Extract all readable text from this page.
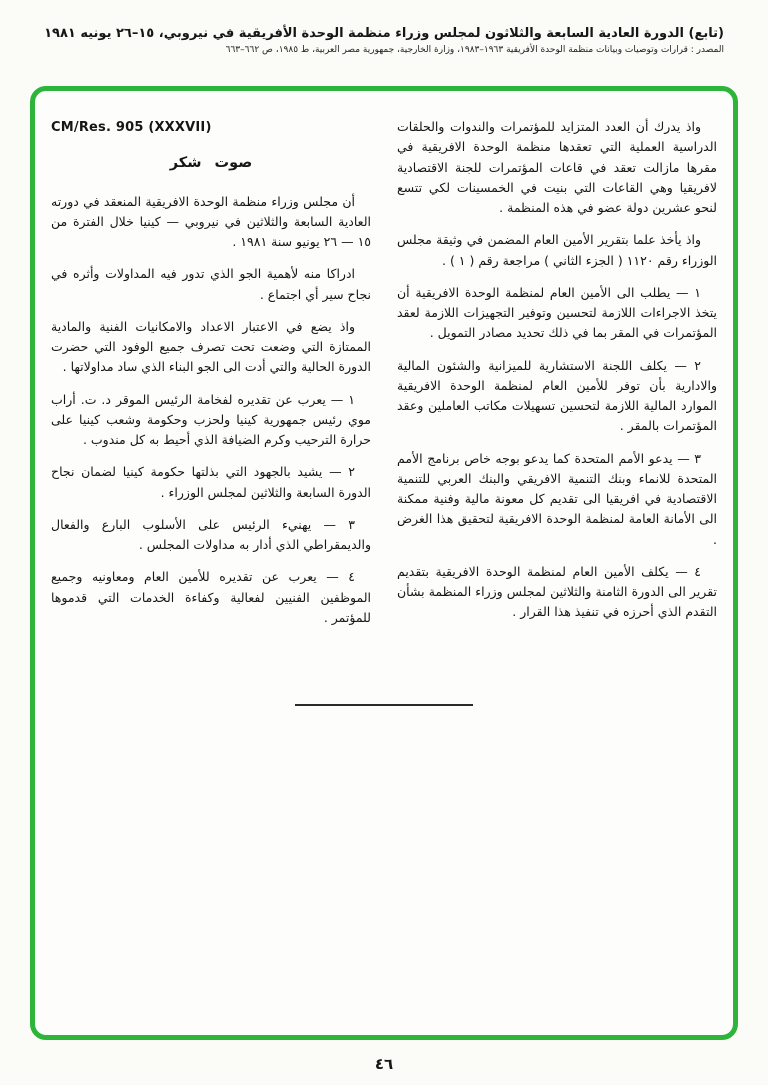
(تابع) الدورة العادية السابعة والثلاثون لمجلس وزراء منظمة الوحدة الأفريقية في نيروبي، ١٥–٢٦ يونيه ١٩٨١
المصدر : قرارات وتوصيات وبيانات منظمة الوحدة الأفريقية ١٩٦٣–١٩٨٣، وزارة الخارجية، جمهورية مصر العربية، ط ١٩٨٥، ص ٦٦٢–٦٦٣

واذ يدرك أن العدد المتزايد للمؤتمرات والندوات والحلقات الدراسية العملية التي تعقدها منظمة الوحدة الافريقية في مقرها مازالت تعقد في قاعات المؤتمرات للجنة الاقتصادية لافريقيا وهي القاعات التي بنيت في الخمسينات لكي تتسع لنحو عشرين دولة عضو في هذه المنظمة .

واذ يأخذ علما بتقرير الأمين العام المضمن في وثيقة مجلس الوزراء رقم ١١٢٠ ( الجزء الثاني ) مراجعة رقم ( ١ ) .

١ — يطلب الى الأمين العام لمنظمة الوحدة الافريقية أن يتخذ الاجراءات اللازمة لتحسين وتوفير التجهيزات اللازمة لعقد المؤتمرات في المقر بما في ذلك تحديد مصادر التمويل .

٢ — يكلف اللجنة الاستشارية للميزانية والشئون المالية والادارية بأن توفر للأمين العام لمنظمة الوحدة الافريقية الموارد المالية اللازمة لتحسين تسهيلات مكاتب العاملين وعقد المؤتمرات بالمقر .

٣ — يدعو الأمم المتحدة كما يدعو بوجه خاص برنامج الأمم المتحدة للانماء وبنك التنمية الافريقي والبنك العربي للتنمية الاقتصادية في افريقيا الى تقديم كل معونة مالية وفنية ممكنة الى الأمانة العامة لمنظمة الوحدة الافريقية لتحقيق هذا الغرض .

٤ — يكلف الأمين العام لمنظمة الوحدة الافريقية بتقديم تقرير الى الدورة الثامنة والثلاثين لمجلس وزراء المنظمة بشأن التقدم الذي أحرزه في تنفيذ هذا القرار .

CM/Res. 905 (XXXVII)
صوت شكر

أن مجلس وزراء منظمة الوحدة الافريقية المنعقد في دورته العادية السابعة والثلاثين في نيروبي — كينيا خلال الفترة من ١٥ — ٢٦ يونيو سنة ١٩٨١ .

ادراكا منه لأهمية الجو الذي تدور فيه المداولات وأثره في نجاح سير أي اجتماع .

واذ يضع في الاعتبار الاعداد والامكانيات الفنية والمادية الممتازة التي وضعت تحت تصرف جميع الوفود التي حضرت الدورة الحالية والتي أدت الى الجو البناء الذي ساد مداولاتها .

١ — يعرب عن تقديره لفخامة الرئيس الموقر د. ت. أراب موي رئيس جمهورية كينيا ولحزب وحكومة وشعب كينيا على حرارة الترحيب وكرم الضيافة الذي أحيط به كل مندوب .

٢ — يشيد بالجهود التي بذلتها حكومة كينيا لضمان نجاح الدورة السابعة والثلاثين لمجلس الوزراء .

٣ — يهنيء الرئيس على الأسلوب البارع والفعال والديمقراطي الذي أدار به مداولات المجلس .

٤ — يعرب عن تقديره للأمين العام ومعاونيه وجميع الموظفين الفنيين لفعالية وكفاءة الخدمات التي قدموها للمؤتمر .

٤٦
